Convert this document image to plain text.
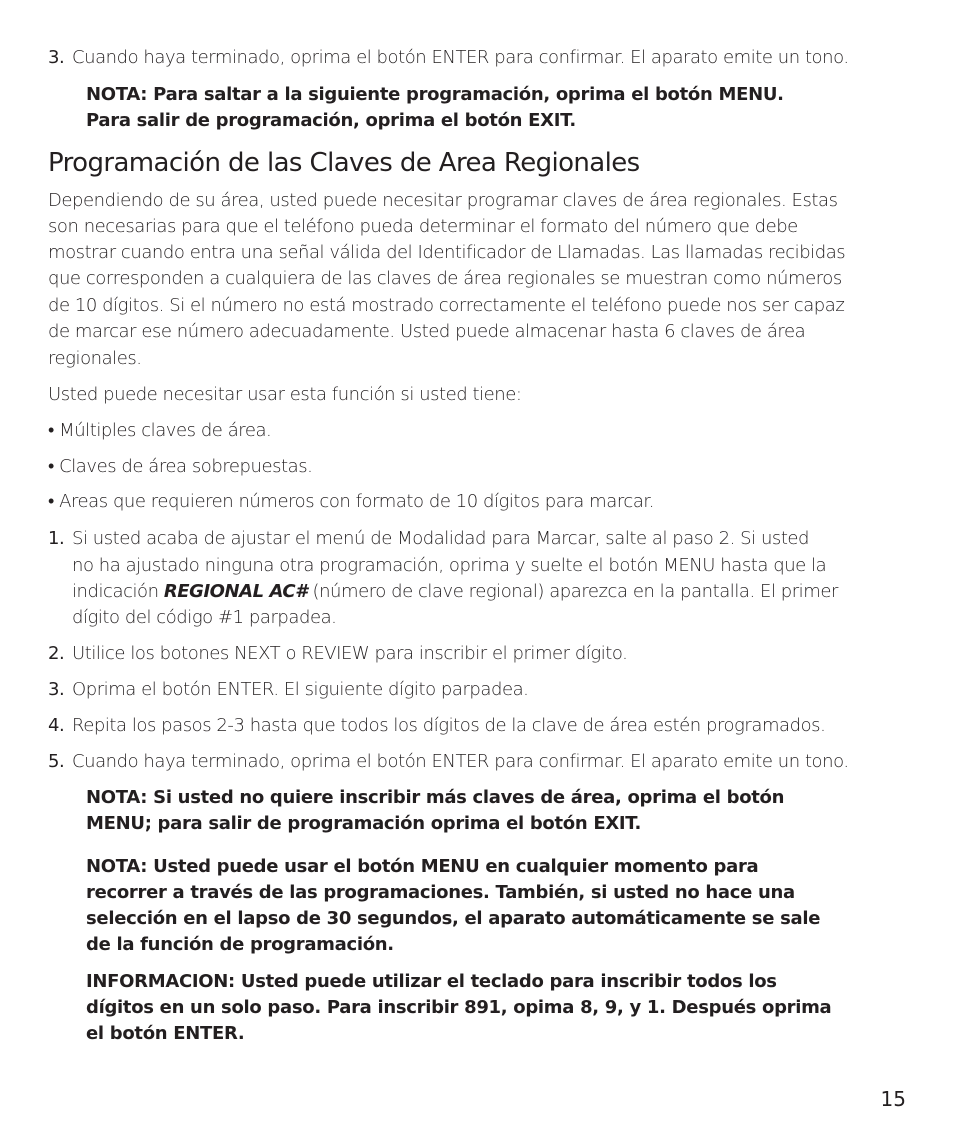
3. Cuando haya terminado, oprima el botón ENTER para confirmar. El aparato emite un tono.
NOTA: Para saltar a la siguiente programación, oprima el botón MENU.
Para salir de programación, oprima el botón EXIT.
Programación de las Claves de Area Regionales
Dependiendo de su área, usted puede necesitar programar claves de área regionales. Estas
son necesarias para que el teléfono pueda determinar el formato del número que debe
mostrar cuando entra una señal válida del Identificador de Llamadas. Las llamadas recibidas
que corresponden a cualquiera de las claves de área regionales se muestran como números
de 10 dígitos. Si el número no está mostrado correctamente el teléfono puede nos ser capaz
de marcar ese número adecuadamente. Usted puede almacenar hasta 6 claves de área
regionales.
Usted puede necesitar usar esta función si usted tiene:
• Múltiples claves de área.
• Claves de área sobrepuestas.
• Areas que requieren números con formato de 10 dígitos para marcar.
1. Si usted acaba de ajustar el menú de Modalidad para Marcar, salte al paso 2. Si usted
no ha ajustado ninguna otra programación, oprima y suelte el botón MENU hasta que la
indicación REGIONAL AC# (número de clave regional) aparezca en la pantalla. El primer
dígito del código #1 parpadea.
2. Utilice los botones NEXT o REVIEW para inscribir el primer dígito.
3. Oprima el botón ENTER. El siguiente dígito parpadea.
4. Repita los pasos 2-3 hasta que todos los dígitos de la clave de área estén programados.
5. Cuando haya terminado, oprima el botón ENTER para confirmar. El aparato emite un tono.
NOTA: Si usted no quiere inscribir más claves de área, oprima el botón
MENU; para salir de programación oprima el botón EXIT.
NOTA: Usted puede usar el botón MENU en cualquier momento para
recorrer a través de las programaciones. También, si usted no hace una
selección en el lapso de 30 segundos, el aparato automáticamente se sale
de la función de programación.
INFORMACION: Usted puede utilizar el teclado para inscribir todos los
dígitos en un solo paso. Para inscribir 891, opima 8, 9, y 1. Después oprima
el botón ENTER.
15
